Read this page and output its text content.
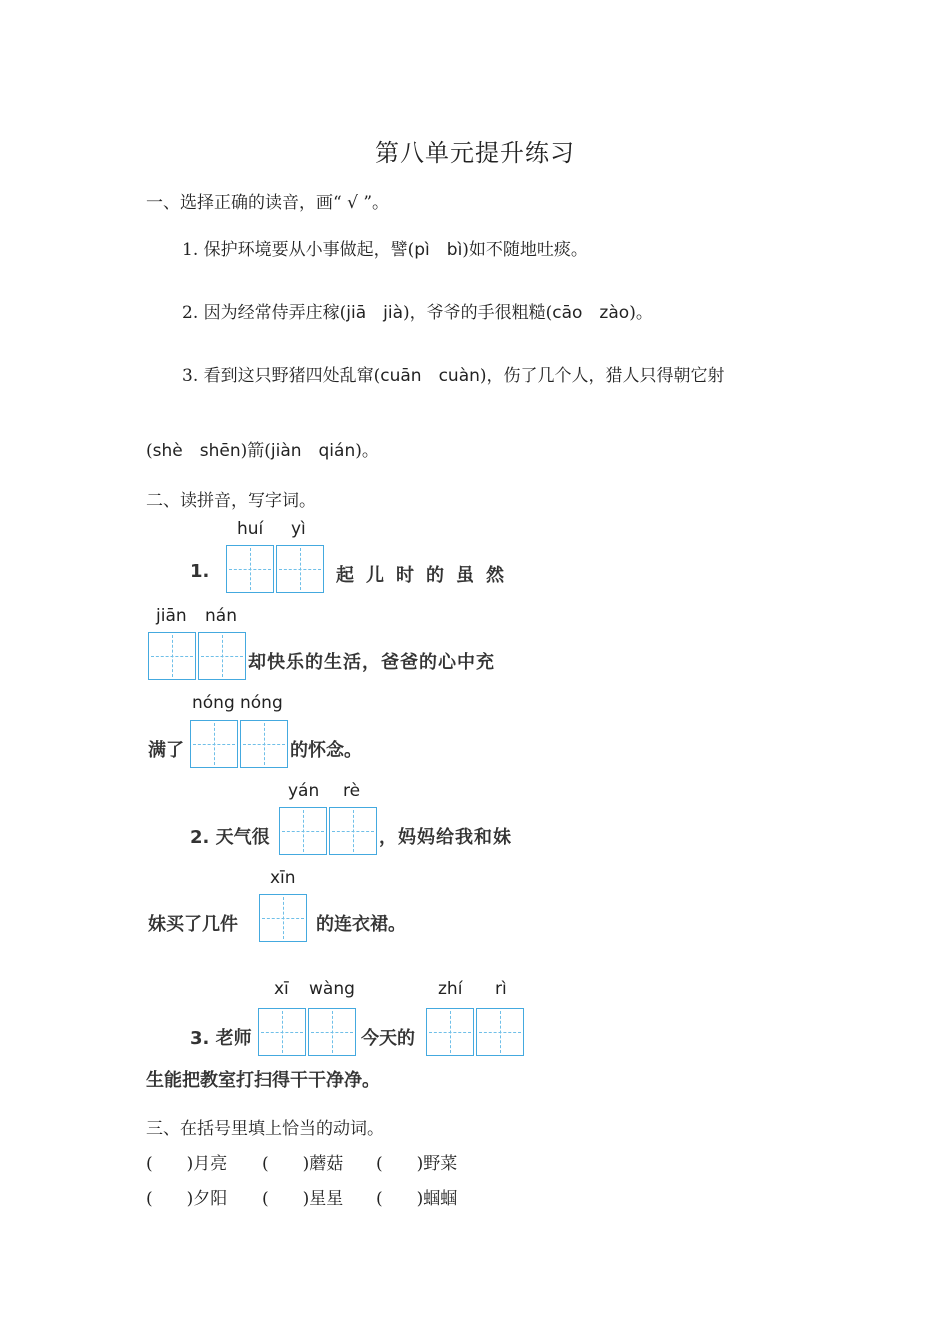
第八单元提升练习
一、选择正确的读音，画“ √ ”。
1. 保护环境要从小事做起，譬(pì　bì)如不随地吐痰。
2. 因为经常侍弄庄稼(jiā　jià)，爷爷的手很粗糙(cāo　zào)。
3. 看到这只野猪四处乱窜(cuān　cuàn)，伤了几个人，猎人只得朝它射
(shè　shēn)箭(jiàn　qián)。
二、读拼音，写字词。
huí yì
1.	起儿时的虽然
jiān nán
却快乐的生活，爸爸的心中充
满了
nóng nóng
的怀念。
2. 天气很
yán rè
，妈妈给我和妹
妹买了几件
xīn
的连衣裙。
3. 老师
xī wàng
今天的
zhí rì
生能把教室打扫得干干净净。
三、在括号里填上恰当的动词。
(　　)月亮 (　　)蘑菇 (　　)野菜
(　　)夕阳 (　　)星星 (　　)蝈蝈
